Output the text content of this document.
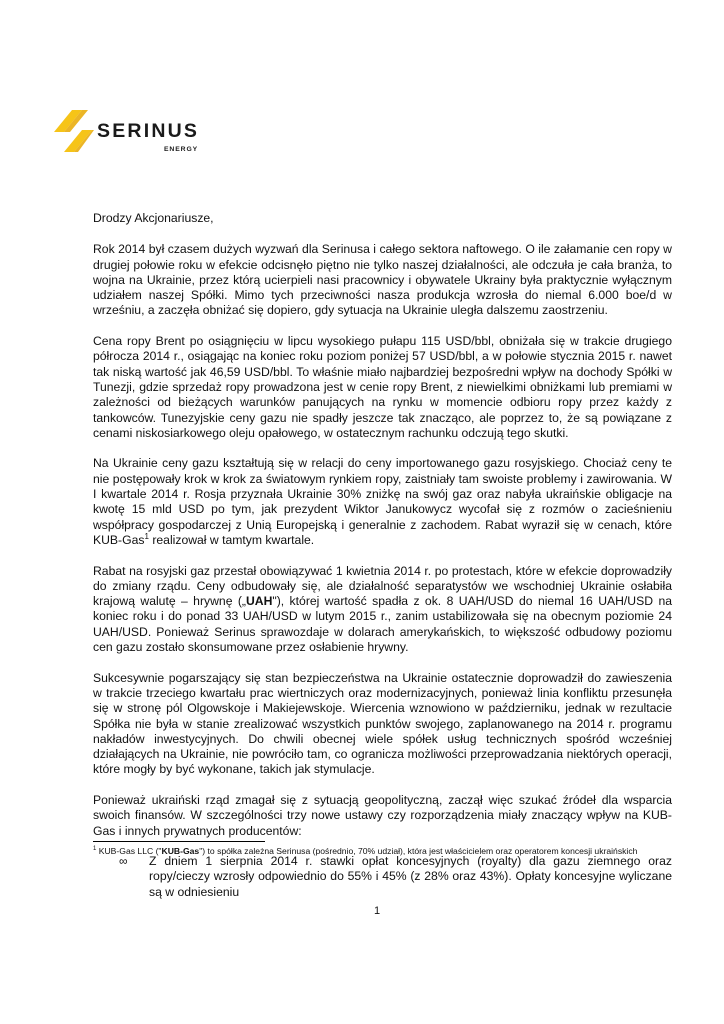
SERINUS
ENERGY

Drodzy Akcjonariusze,

Rok 2014 był czasem dużych wyzwań dla Serinusa i całego sektora naftowego. O ile załamanie cen ropy w drugiej połowie roku w efekcie odcisnęło piętno nie tylko naszej działalności, ale odczuła je cała branża, to wojna na Ukrainie, przez którą ucierpieli nasi pracownicy i obywatele Ukrainy była praktycznie wyłącznym udziałem naszej Spółki. Mimo tych przeciwności nasza produkcja wzrosła do niemal 6.000 boe/d w wrześniu, a zaczęła obniżać się dopiero, gdy sytuacja na Ukrainie uległa dalszemu zaostrzeniu.

Cena ropy Brent po osiągnięciu w lipcu wysokiego pułapu 115 USD/bbl, obniżała się w trakcie drugiego półrocza 2014 r., osiągając na koniec roku poziom poniżej 57 USD/bbl, a w połowie stycznia 2015 r. nawet tak niską wartość jak 46,59 USD/bbl. To właśnie miało najbardziej bezpośredni wpływ na dochody Spółki w Tunezji, gdzie sprzedaż ropy prowadzona jest w cenie ropy Brent, z niewielkimi obniżkami lub premiami w zależności od bieżących warunków panujących na rynku w momencie odbioru ropy przez każdy z tankowców. Tunezyjskie ceny gazu nie spadły jeszcze tak znacząco, ale poprzez to, że są powiązane z cenami niskosiarkowego oleju opałowego, w ostatecznym rachunku odczują tego skutki.

Na Ukrainie ceny gazu kształtują się w relacji do ceny importowanego gazu rosyjskiego. Chociaż ceny te nie postępowały krok w krok za światowym rynkiem ropy, zaistniały tam swoiste problemy i zawirowania. W I kwartale 2014 r. Rosja przyznała Ukrainie 30% zniżkę na swój gaz oraz nabyła ukraińskie obligacje na kwotę 15 mld USD po tym, jak prezydent Wiktor Janukowycz wycofał się z rozmów o zacieśnieniu współpracy gospodarczej z Unią Europejską i generalnie z zachodem. Rabat wyraził się w cenach, które KUB-Gas$^1$ realizował w tamtym kwartale.

Rabat na rosyjski gaz przestał obowiązywać 1 kwietnia 2014 r. po protestach, które w efekcie doprowadziły do zmiany rządu. Ceny odbudowały się, ale działalność separatystów we wschodniej Ukrainie osłabiła krajową walutę – hrywnę („UAH"), której wartość spadła z ok. 8 UAH/USD do niemal 16 UAH/USD na koniec roku i do ponad 33 UAH/USD w lutym 2015 r., zanim ustabilizowała się na obecnym poziomie 24 UAH/USD. Ponieważ Serinus sprawozdaje w dolarach amerykańskich, to większość odbudowy poziomu cen gazu zostało skonsumowane przez osłabienie hrywny.

Sukcesywnie pogarszający się stan bezpieczeństwa na Ukrainie ostatecznie doprowadził do zawieszenia w trakcie trzeciego kwartału prac wiertniczych oraz modernizacyjnych, ponieważ linia konfliktu przesunęła się w stronę pól Olgowskoje i Makiejewskoje. Wiercenia wznowiono w październiku, jednak w rezultacie Spółka nie była w stanie zrealizować wszystkich punktów swojego, zaplanowanego na 2014 r. programu nakładów inwestycyjnych. Do chwili obecnej wiele spółek usług technicznych spośród wcześniej działających na Ukrainie, nie powróciło tam, co ogranicza możliwości przeprowadzania niektórych operacji, które mogły by być wykonane, takich jak stymulacje.

Ponieważ ukraiński rząd zmagał się z sytuacją geopolityczną, zaczął więc szukać źródeł dla wsparcia swoich finansów. W szczególności trzy nowe ustawy czy rozporządzenia miały znaczący wpływ na KUB-Gas i innych prywatnych producentów:

∞ Z dniem 1 sierpnia 2014 r. stawki opłat koncesyjnych (royalty) dla gazu ziemnego oraz ropy/cieczy wzrosły odpowiednio do 55% i 45% (z 28% oraz 43%). Opłaty koncesyjne wyliczane są w odniesieniu

$^1$ KUB-Gas LLC ("KUB-Gas") to spółka zależna Serinusa (pośrednio, 70% udział), która jest właścicielem oraz operatorem koncesji ukraińskich
1
